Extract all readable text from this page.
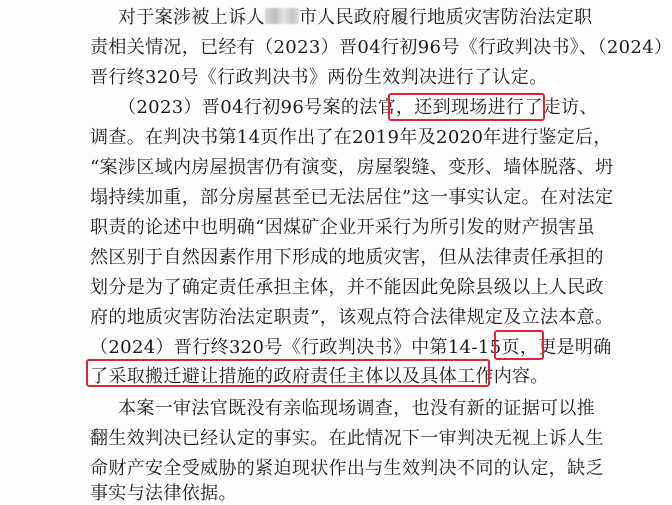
对于案涉被上诉人 市人民政府履行地质灾害防治法定职
责相关情况，已经有（2023）晋04行初96号《行政判决书》、（2024）
晋行终320号《行政判决书》两份生效判决进行了认定。
（2023）晋04行初96号案的法官，还到现场进行了走访、
调查。在判决书第14页作出了在2019年及2020年进行鉴定后，
“案涉区域内房屋损害仍有演变，房屋裂缝、变形、墙体脱落、坍
塌持续加重，部分房屋甚至已无法居住”这一事实认定。在对法定
职责的论述中也明确“因煤矿企业开采行为所引发的财产损害虽
然区别于自然因素作用下形成的地质灾害，但从法律责任承担的
划分是为了确定责任承担主体，并不能因此免除县级以上人民政
府的地质灾害防治法定职责”，该观点符合法律规定及立法本意。
（2024）晋行终320号《行政判决书》中第14-15页，更是明确
了采取搬迁避让措施的政府责任主体以及具体工作内容。
本案一审法官既没有亲临现场调查，也没有新的证据可以推
翻生效判决已经认定的事实。在此情况下一审判决无视上诉人生
命财产安全受威胁的紧迫现状作出与生效判决不同的认定，缺乏
事实与法律依据。
